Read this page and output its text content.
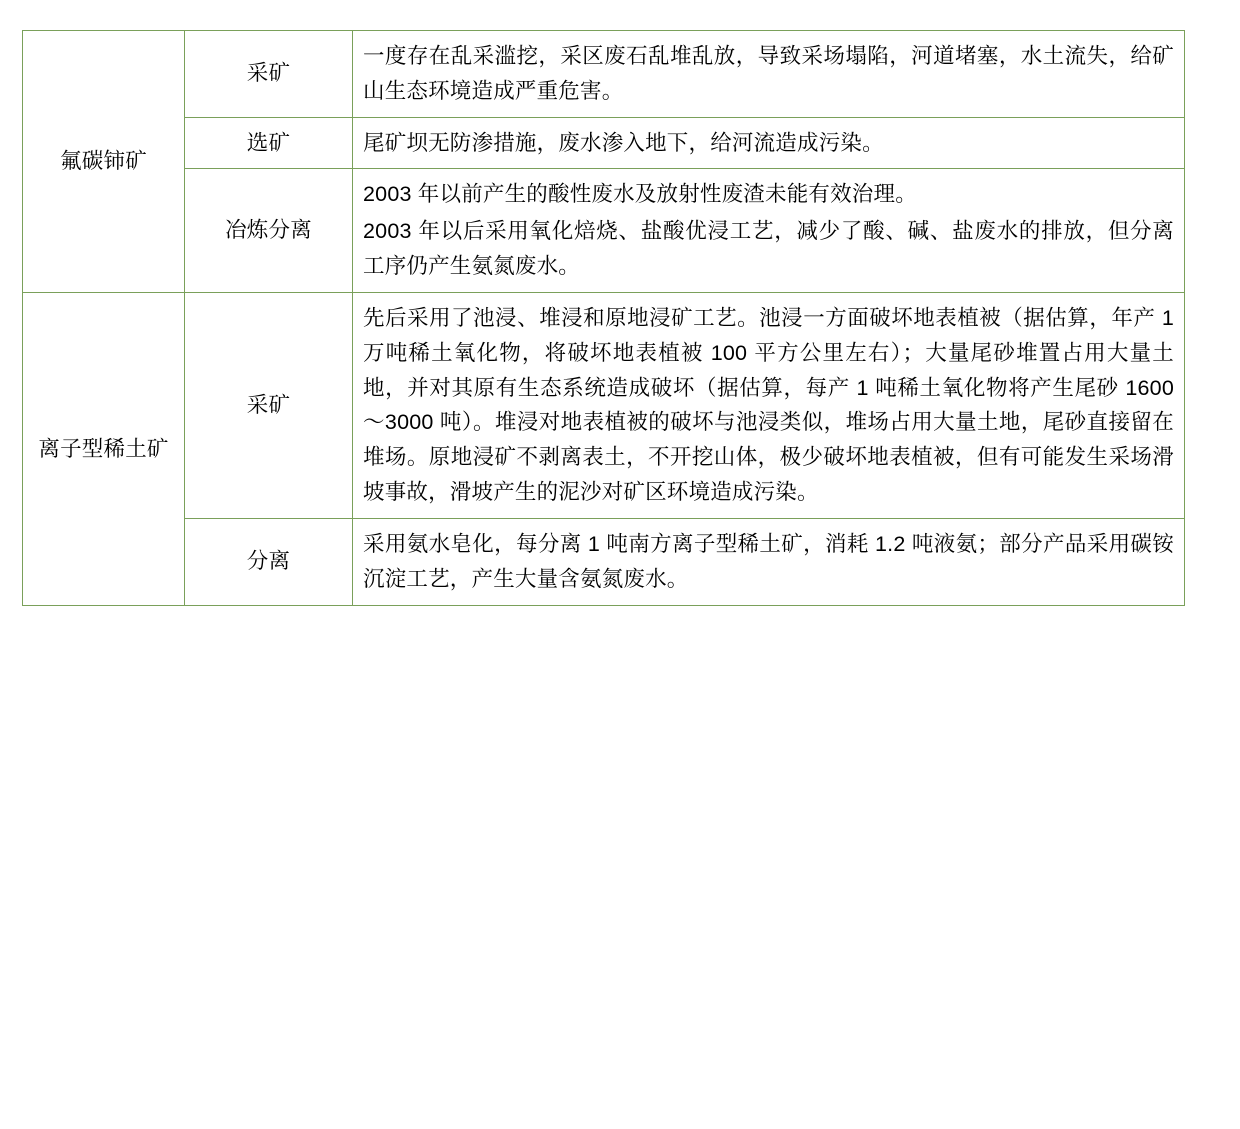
氟碳铈矿	采矿	一度存在乱采滥挖，采区废石乱堆乱放，导致采场塌陷，河道堵塞，水土流失，给矿山生态环境造成严重危害。

	选矿	尾矿坝无防渗措施，废水渗入地下，给河流造成污染。

	冶炼分离	2003 年以前产生的酸性废水及放射性废渣未能有效治理。

2003 年以后采用氧化焙烧、盐酸优浸工艺，减少了酸、碱、盐废水的排放，但分离工序仍产生氨氮废水。

离子型稀土矿	采矿	先后采用了池浸、堆浸和原地浸矿工艺。池浸一方面破坏地表植被（据估算，年产 1 万吨稀土氧化物，将破坏地表植被 100 平方公里左右）；大量尾砂堆置占用大量土地，并对其原有生态系统造成破坏（据估算，每产 1 吨稀土氧化物将产生尾砂 1600～3000 吨）。堆浸对地表植被的破坏与池浸类似，堆场占用大量土地，尾砂直接留在堆场。原地浸矿不剥离表土，不开挖山体，极少破坏地表植被，但有可能发生采场滑坡事故，滑坡产生的泥沙对矿区环境造成污染。

	分离	采用氨水皂化，每分离 1 吨南方离子型稀土矿，消耗 1.2 吨液氨；部分产品采用碳铵沉淀工艺，产生大量含氨氮废水。
